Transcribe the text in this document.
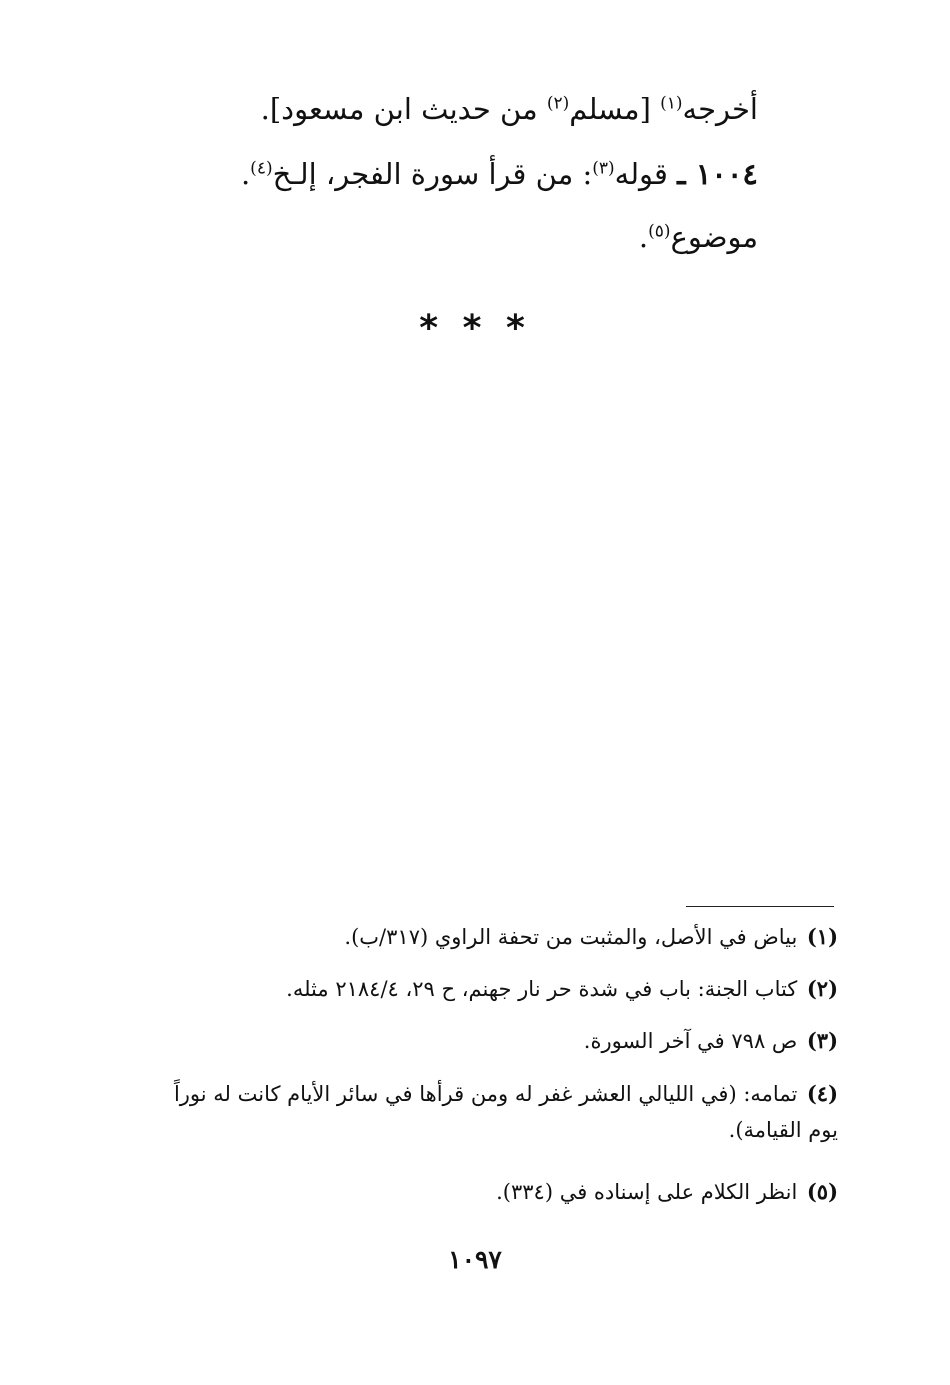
أخرجه$^{(١)}$ [مسلم$^{(٢)}$ من حديث ابن مسعود].
١٠٠٤ ـ قوله$^{(٣)}$: من قرأ سورة الفجر، إلـخ$^{(٤)}$.
موضوع$^{(٥)}$.
* * *
(١) بياض في الأصل، والمثبت من تحفة الراوي (٣١٧/ب).
(٢) كتاب الجنة: باب في شدة حر نار جهنم، ح ٢٩، ٢١٨٤/٤ مثله.
(٣) ص ٧٩٨ في آخر السورة.
(٤) تمامه: (في الليالي العشر غفر له ومن قرأها في سائر الأيام كانت له نوراً يوم القيامة).
(٥) انظر الكلام على إسناده في (٣٣٤).
١٠٩٧
